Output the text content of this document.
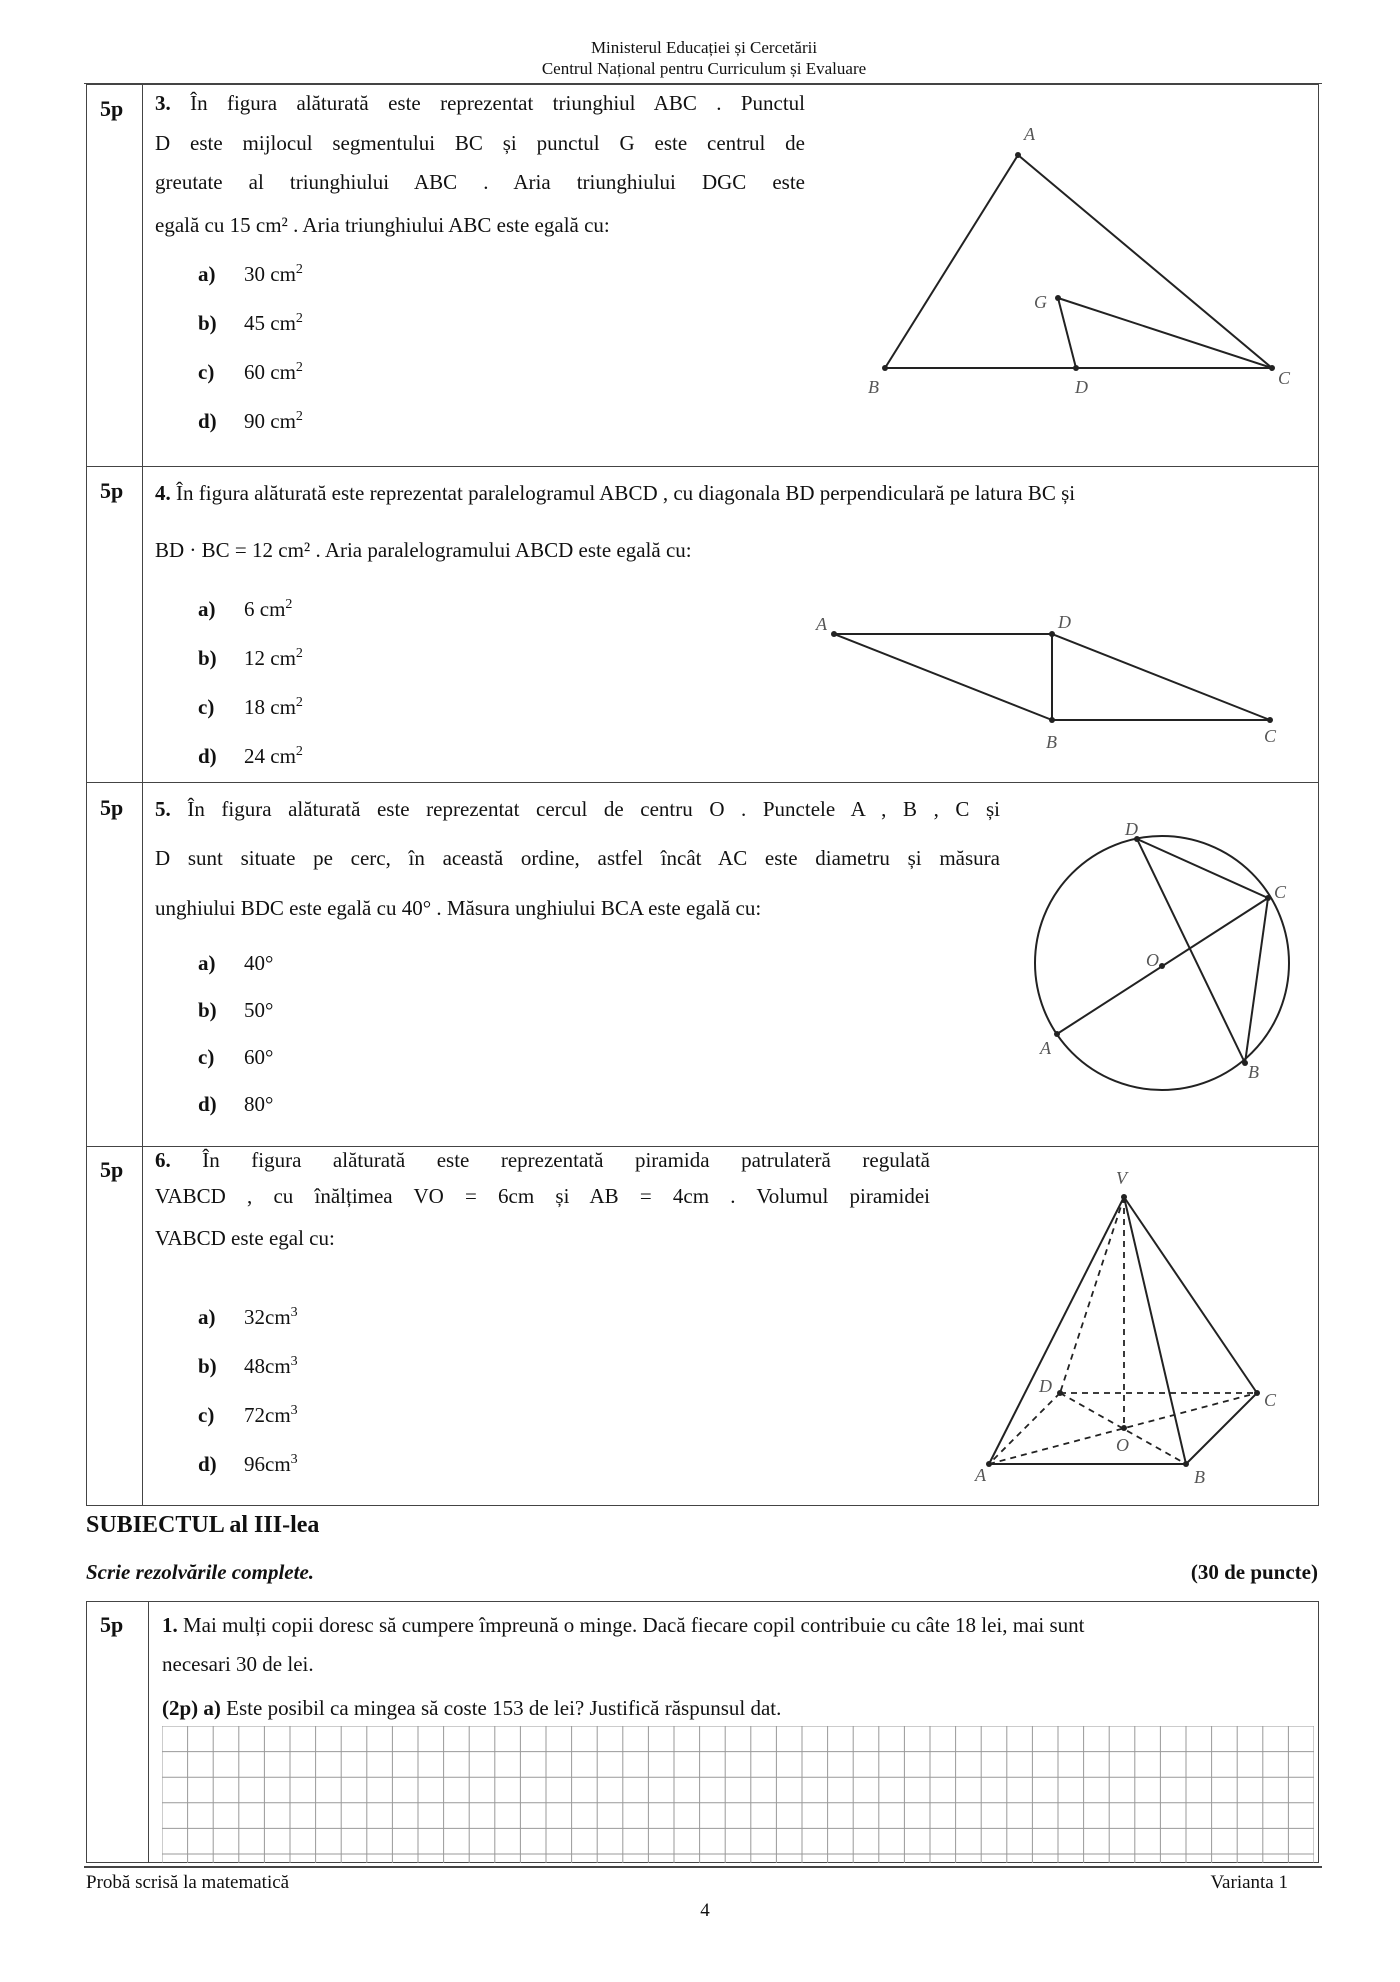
Ministerul Educației și Cercetării
Centrul Național pentru Curriculum și Evaluare
5p 3. În figura alăturată este reprezentat triunghiul ABC . Punctul
D este mijlocul segmentului BC și punctul G este centrul de
greutate al triunghiului ABC . Aria triunghiului DGC este
egală cu 15 cm² . Aria triunghiului ABC este egală cu:
a) 30 $cm^2$
b) 45 $cm^2$
c) 60 $cm^2$
d) 90 $cm^2$
A
G
B	D	C
A	D
B	C
D
C
O
A
B
V
D
C
O
A	B
5p 4. În figura alăturată este reprezentat paralelogramul ABCD , cu diagonala BD perpendiculară pe latura BC și
BD · BC = 12 cm² . Aria paralelogramului ABCD este egală cu:
a) 6 $cm^2$
b) 12 $cm^2$
c) 18 $cm^2$
d) 24 $cm^2$
5p 5. În figura alăturată este reprezentat cercul de centru O . Punctele A , B , C și
D sunt situate pe cerc, în această ordine, astfel încât AC este diametru și măsura
unghiului BDC este egală cu 40° . Măsura unghiului BCA este egală cu:
a) 40°
b) 50°
c) 60°
d) 80°
5p 6. În figura alăturată este reprezentată piramida patrulateră regulată
VABCD , cu înălțimea VO = 6cm și AB = 4cm . Volumul piramidei
VABCD este egal cu:
a) $32cm^3$
b) $48cm^3$
c) $72cm^3$
d) $96cm^3$
SUBIECTUL al III-lea
Scrie rezolvările complete.	(30 de puncte)
5p 1. Mai mulți copii doresc să cumpere împreună o minge. Dacă fiecare copil contribuie cu câte 18 lei, mai sunt
necesari 30 de lei.
(2p) a) Este posibil ca mingea să coste 153 de lei? Justifică răspunsul dat.
Probă scrisă la matematică	Varianta 1
4
